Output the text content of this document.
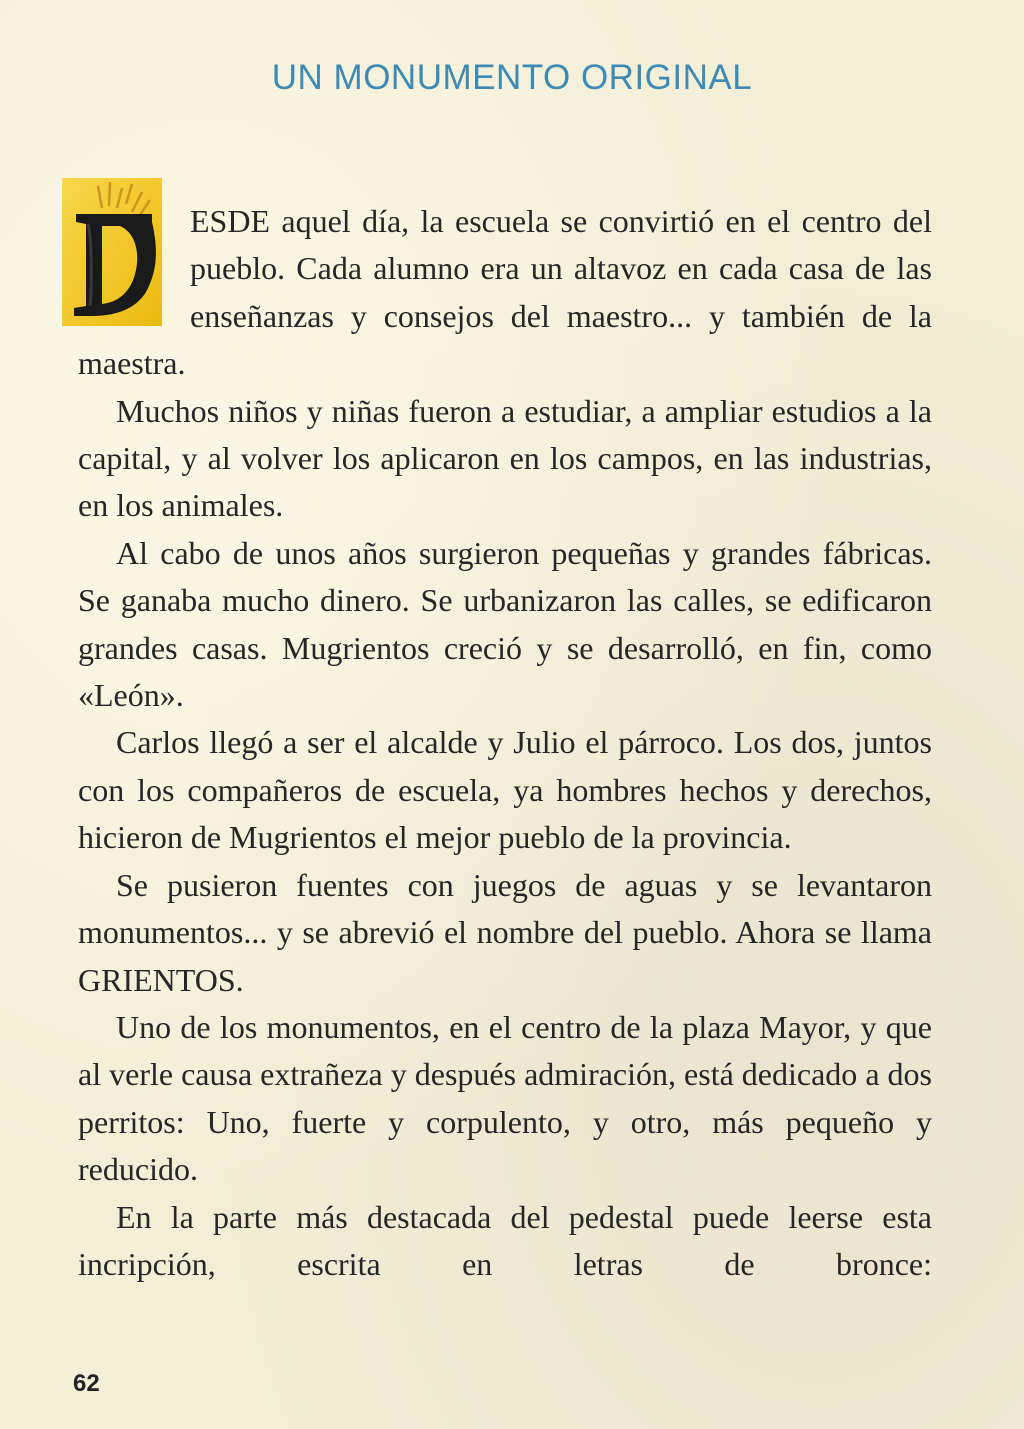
UN MONUMENTO ORIGINAL

ESDE aquel día, la escuela se convirtió en el centro del pueblo. Cada alumno era un altavoz en cada casa de las enseñanzas y consejos del maestro... y también de la maestra.

Muchos niños y niñas fueron a estudiar, a ampliar estudios a la capital, y al volver los aplicaron en los campos, en las industrias, en los animales.

Al cabo de unos años surgieron pequeñas y grandes fábricas. Se ganaba mucho dinero. Se urbanizaron las calles, se edificaron grandes casas. Mugrientos creció y se desarrolló, en fin, como «León».

Carlos llegó a ser el alcalde y Julio el párroco. Los dos, juntos con los compañeros de escuela, ya hombres hechos y derechos, hicieron de Mugrientos el mejor pueblo de la provincia.

Se pusieron fuentes con juegos de aguas y se levantaron monumentos... y se abrevió el nombre del pueblo. Ahora se llama GRIENTOS.

Uno de los monumentos, en el centro de la plaza Mayor, y que al verle causa extrañeza y después admiración, está dedicado a dos perritos: Uno, fuerte y corpulento, y otro, más pequeño y reducido.

En la parte más destacada del pedestal puede leerse esta incripción, escrita en letras de bronce:

62
